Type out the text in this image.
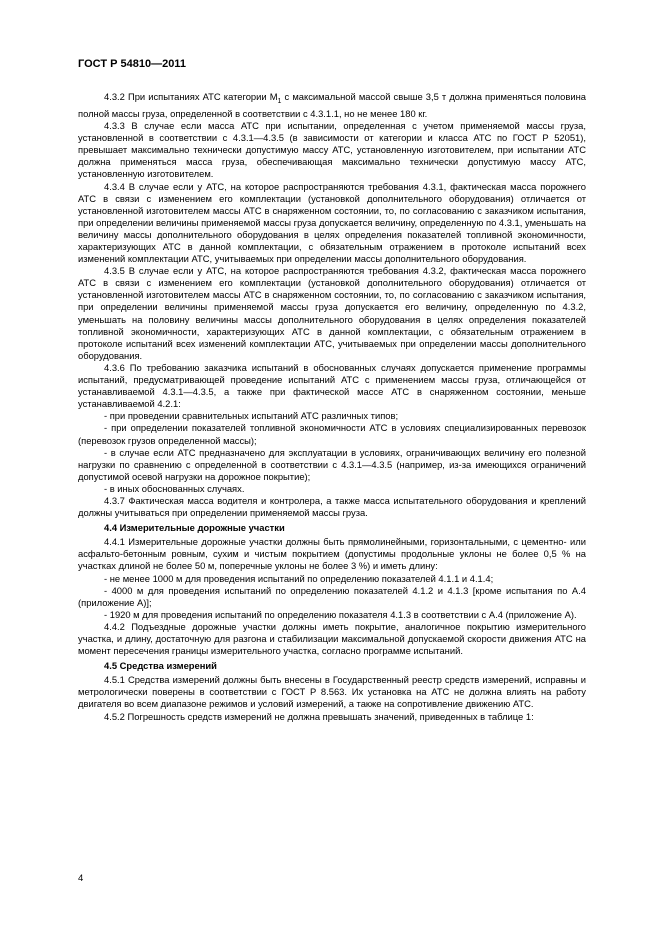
ГОСТ Р 54810—2011

4.3.2 При испытаниях АТС категории $М_1$ с максимальной массой свыше 3,5 т должна применяться половина полной массы груза, определенной в соответствии с 4.3.1.1, но не менее 180 кг.

4.3.3 В случае если масса АТС при испытании, определенная с учетом применяемой массы груза, установленной в соответствии с 4.3.1—4.3.5 (в зависимости от категории и класса АТС по ГОСТ Р 52051), превышает максимально технически допустимую массу АТС, установленную изготовителем, при испытании АТС должна применяться масса груза, обеспечивающая максимально технически допустимую массу АТС, установленную изготовителем.

4.3.4 В случае если у АТС, на которое распространяются требования 4.3.1, фактическая масса порожнего АТС в связи с изменением его комплектации (установкой дополнительного оборудования) отличается от установленной изготовителем массы АТС в снаряженном состоянии, то, по согласованию с заказчиком испытания, при определении величины применяемой массы груза допускается величину, определенную по 4.3.1, уменьшать на величину массы дополнительного оборудования в целях определения показателей топливной экономичности, характеризующих АТС в данной комплектации, с обязательным отражением в протоколе испытаний всех изменений комплектации АТС, учитываемых при определении массы дополнительного оборудования.

4.3.5 В случае если у АТС, на которое распространяются требования 4.3.2, фактическая масса порожнего АТС в связи с изменением его комплектации (установкой дополнительного оборудования) отличается от установленной изготовителем массы АТС в снаряженном состоянии, то, по согласованию с заказчиком испытания, при определении величины применяемой массы груза допускается его величину, определенную по 4.3.2, уменьшать на половину величины массы дополнительного оборудования в целях определения показателей топливной экономичности, характеризующих АТС в данной комплектации, с обязательным отражением в протоколе испытаний всех изменений комплектации АТС, учитываемых при определении массы дополнительного оборудования.

4.3.6 По требованию заказчика испытаний в обоснованных случаях допускается применение программы испытаний, предусматривающей проведение испытаний АТС с применением массы груза, отличающейся от устанавливаемой 4.3.1—4.3.5, а также при фактической массе АТС в снаряженном состоянии, меньше устанавливаемой 4.2.1:

- при проведении сравнительных испытаний АТС различных типов;

- при определении показателей топливной экономичности АТС в условиях специализированных перевозок (перевозок грузов определенной массы);

- в случае если АТС предназначено для эксплуатации в условиях, ограничивающих величину его полезной нагрузки по сравнению с определенной в соответствии с 4.3.1—4.3.5 (например, из-за имеющихся ограничений допустимой осевой нагрузки на дорожное покрытие);

- в иных обоснованных случаях.

4.3.7 Фактическая масса водителя и контролера, а также масса испытательного оборудования и креплений должны учитываться при определении применяемой массы груза.

4.4 Измерительные дорожные участки

4.4.1 Измерительные дорожные участки должны быть прямолинейными, горизонтальными, с цементно- или асфальто-бетонным ровным, сухим и чистым покрытием (допустимы продольные уклоны не более 0,5 % на участках длиной не более 50 м, поперечные уклоны не более 3 %) и иметь длину:

- не менее 1000 м для проведения испытаний по определению показателей 4.1.1 и 4.1.4;

- 4000 м для проведения испытаний по определению показателей 4.1.2 и 4.1.3 [кроме испытания по А.4 (приложение А)];

- 1920 м для проведения испытаний по определению показателя 4.1.3 в соответствии с А.4 (приложение А).

4.4.2 Подъездные дорожные участки должны иметь покрытие, аналогичное покрытию измерительного участка, и длину, достаточную для разгона и стабилизации максимальной допускаемой скорости движения АТС на момент пересечения границы измерительного участка, согласно программе испытаний.

4.5 Средства измерений

4.5.1 Средства измерений должны быть внесены в Государственный реестр средств измерений, исправны и метрологически поверены в соответствии с ГОСТ Р 8.563. Их установка на АТС не должна влиять на работу двигателя во всем диапазоне режимов и условий измерений, а также на сопротивление движению АТС.

4.5.2 Погрешность средств измерений не должна превышать значений, приведенных в таблице 1:

4
